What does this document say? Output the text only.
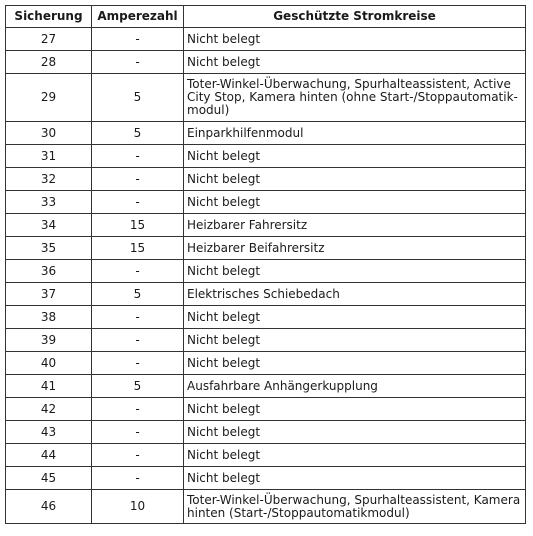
Sicherung	Amperezahl	Geschützte Stromkreise
27	-	Nicht belegt
28	-	Nicht belegt
29	5	Toter-Winkel-Überwachung, Spurhalteassistent, Active City Stop, Kamera hinten (ohne Start-/Stoppautomatik-modul)
30	5	Einparkhilfenmodul
31	-	Nicht belegt
32	-	Nicht belegt
33	-	Nicht belegt
34	15	Heizbarer Fahrersitz
35	15	Heizbarer Beifahrersitz
36	-	Nicht belegt
37	5	Elektrisches Schiebedach
38	-	Nicht belegt
39	-	Nicht belegt
40	-	Nicht belegt
41	5	Ausfahrbare Anhängerkupplung
42	-	Nicht belegt
43	-	Nicht belegt
44	-	Nicht belegt
45	-	Nicht belegt
46	10	Toter-Winkel-Überwachung, Spurhalteassistent, Kamera hinten (Start-/Stoppautomatikmodul)
